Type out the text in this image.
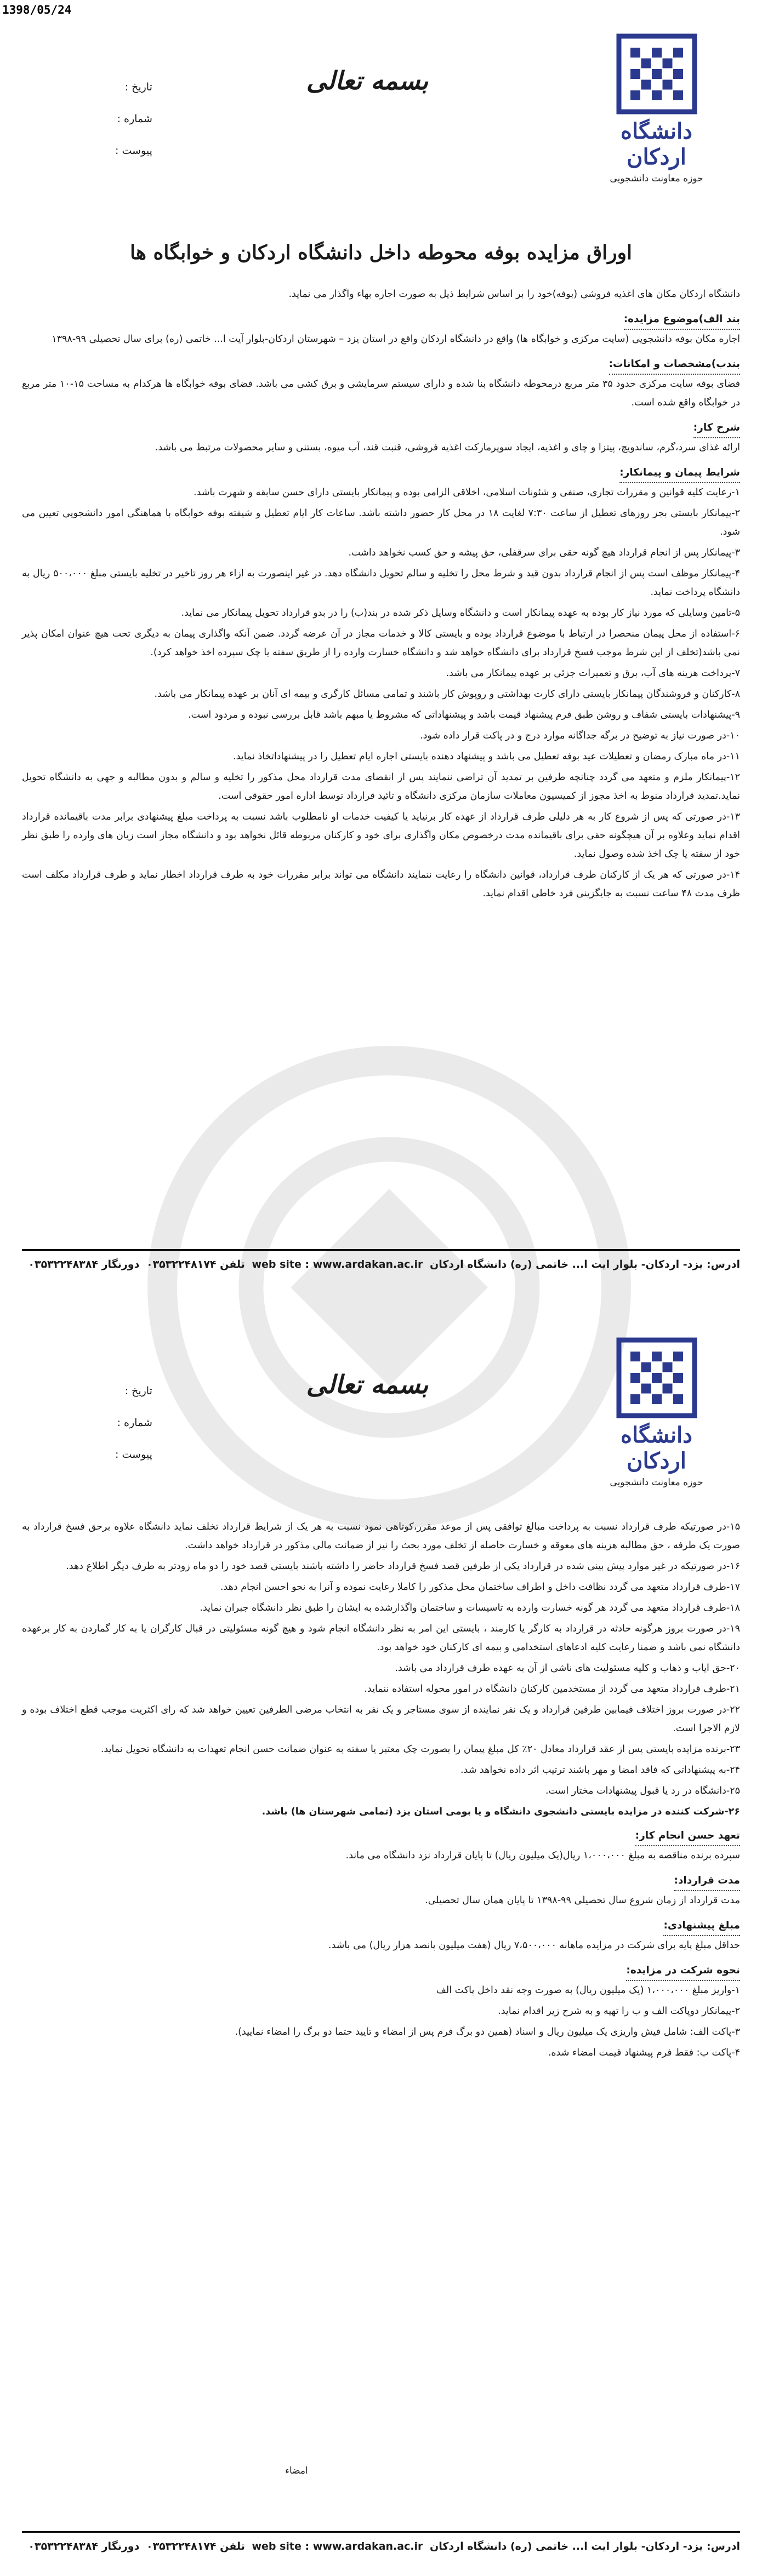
1398/05/24
دانشگاه اردکان
حوزه معاونت دانشجویی
بسمه تعالی
تاریخ :
شماره :
پیوست :
اوراق مزایده بوفه محوطه داخل دانشگاه اردکان و خوابگاه ها

دانشگاه اردکان مکان های اغذیه فروشی (بوفه)خود را بر اساس شرایط ذیل به صورت اجاره بهاء واگذار می نماید.

بند الف)موضوع مزایده:

اجاره مکان بوفه دانشجویی (سایت مرکزی و خوابگاه ها) واقع در دانشگاه اردکان واقع در استان یزد – شهرستان اردکان-بلوار آیت ا... خاتمی (ره) برای سال تحصیلی ۹۹-۱۳۹۸

بندب)مشخصات و امکانات:

فضای بوفه سایت مرکزی حدود ۳۵ متر مربع درمحوطه دانشگاه بنا شده و دارای سیستم سرمایشی و برق کشی می باشد. فضای بوفه خوابگاه ها هرکدام به مساحت ۱۵-۱۰ متر مربع در خوابگاه واقع شده است.

شرح کار:

ارائه غذای سرد،گرم، ساندویچ، پیتزا و چای و اغذیه، ایجاد سوپرمارکت اغذیه فروشی، قنبت قند، آب میوه، بستنی و سایر محصولات مرتبط می باشد.

شرایط پیمان و پیمانکار:

۱-رعایت کلیه قوانین و مقررات تجاری، صنفی و شئونات اسلامی، اخلاقی الزامی بوده و پیمانکار بایستی دارای حسن سابقه و شهرت باشد.

۲-پیمانکار بایستی بجز روزهای تعطیل از ساعت ۷:۳۰ لغایت ۱۸ در محل کار حضور داشته باشد. ساعات کار ایام تعطیل و شیفته بوفه خوابگاه با هماهنگی امور دانشجویی تعیین می شود.

۳-پیمانکار پس از انجام قرارداد هیچ گونه حقی برای سرقفلی، حق پیشه و حق کسب نخواهد داشت.

۴-پیمانکار موظف است پس از انجام قرارداد بدون قید و شرط محل را تخلیه و سالم تحویل دانشگاه دهد. در غیر اینصورت به ازاء هر روز تاخیر در تخلیه بایستی مبلغ ۵۰۰،۰۰۰ ریال به دانشگاه پرداخت نماید.

۵-تامین وسایلی که مورد نیاز کار بوده به عهده پیمانکار است و دانشگاه وسایل ذکر شده در بند(ب) را در بدو قرارداد تحویل پیمانکار می نماید.

۶-استفاده از محل پیمان منحصرا در ارتباط با موضوع قرارداد بوده و بایستی کالا و خدمات مجاز در آن عرضه گردد. ضمن آنکه واگذاری پیمان به دیگری تحت هیچ عنوان امکان پذیر نمی باشد(تخلف از این شرط موجب فسخ قرارداد برای دانشگاه خواهد شد و دانشگاه خسارت وارده را از طریق سفته یا چک سپرده اخذ خواهد کرد).

۷-پرداخت هزینه های آب، برق و تعمیرات جزئی بر عهده پیمانکار می باشد.

۸-کارکنان و فروشندگان پیمانکار بایستی دارای کارت بهداشتی و روپوش کار باشند و تمامی مسائل کارگری و بیمه ای آنان بر عهده پیمانکار می باشد.

۹-پیشنهادات بایستی شفاف و روشن طبق فرم پیشنهاد قیمت باشد و پیشنهاداتی که مشروط یا مبهم باشد قابل بررسی نبوده و مردود است.

۱۰-در صورت نیاز به توضیح در برگه جداگانه موارد درج و در پاکت قرار داده شود.

۱۱-در ماه مبارک رمضان و تعطیلات عید بوفه تعطیل می باشد و پیشنهاد دهنده بایستی اجاره ایام تعطیل را در پیشنهاداتخاذ نماید.

۱۲-پیمانکار ملزم و متعهد می گردد چنانچه طرفین بر تمدید آن تراضی ننمایند پس از انقضای مدت قرارداد محل مذکور را تخلیه و سالم و بدون مطالبه و جهی به دانشگاه تحویل نماید.تمدید قرارداد منوط به اخذ مجوز از کمیسیون معاملات سازمان مرکزی دانشگاه و تائید قرارداد توسط اداره امور حقوقی است.

۱۳-در صورتی که پس از شروع کار به هر دلیلی طرف قرارداد از عهده کار برنیاید یا کیفیت خدمات او نامطلوب باشد نسبت به پرداخت مبلغ پیشنهادی برابر مدت باقیمانده قرارداد اقدام نماید وعلاوه بر آن هیچگونه حقی برای باقیمانده مدت درخصوص مکان واگذاری برای خود و کارکنان مربوطه قائل نخواهد بود و دانشگاه مجاز است زیان های وارده را طبق نظر خود از سفته یا چک اخذ شده وصول نماید.

۱۴-در صورتی که هر یک از کارکنان طرف قرارداد، قوانین دانشگاه را رعایت ننمایند دانشگاه می تواند برابر مقررات خود به طرف قرارداد اخطار نماید و طرف قرارداد مکلف است ظرف مدت ۴۸ ساعت نسبت به جایگزینی فرد خاطی اقدام نماید.

ادرس: یزد- اردکان- بلوار ایت ا... خاتمی (ره) دانشگاه اردکان web site : www.ardakan.ac.ir تلفن ۰۳۵۳۲۲۴۸۱۷۴ دورنگار ۰۳۵۳۲۲۴۸۳۸۴
دانشگاه اردکان
حوزه معاونت دانشجویی
بسمه تعالی
تاریخ :
شماره :
پیوست :

۱۵-در صورتیکه طرف قرارداد نسبت به پرداخت مبالغ توافقی پس از موعد مقرر،کوتاهی نمود نسبت به هر یک از شرایط قرارداد تخلف نماید دانشگاه علاوه برحق فسخ قرارداد به صورت یک طرفه ، حق مطالبه هزینه های معوقه و خسارت حاصله از تخلف مورد بحث را نیز از ضمانت مالی مذکور در قرارداد خواهد داشت.

۱۶-در صورتیکه در غیر موارد پیش بینی شده در قرارداد یکی از طرفین قصد فسخ قرارداد حاضر را داشته باشند بایستی قصد خود را دو ماه زودتر به طرف دیگر اطلاع دهد.

۱۷-طرف قرارداد متعهد می گردد نظافت داخل و اطراف ساختمان محل مذکور را کاملا رعایت نموده و آنرا به نحو احسن انجام دهد.

۱۸-طرف قرارداد متعهد می گردد هر گونه خسارت وارده به تاسیسات و ساختمان واگذارشده به ایشان را طبق نظر دانشگاه جبران نماید.

۱۹-در صورت بروز هرگونه حادثه در قرارداد به کارگر یا کارمند ، بایستی این امر به نظر دانشگاه انجام شود و هیچ گونه مسئولیتی در قبال کارگران یا به کار گماردن به کار برعهده دانشگاه نمی باشد و ضمنا رعایت کلیه ادعاهای استخدامی و بیمه ای کارکنان خود خواهد بود.

۲۰-حق ایاب و ذهاب و کلیه مسئولیت های ناشی از آن به عهده طرف قرارداد می باشد.

۲۱-طرف قرارداد متعهد می گردد از مستخدمین کارکنان دانشگاه در امور محوله استفاده ننماید.

۲۲-در صورت بروز اختلاف فیمابین طرفین قرارداد و یک نفر نماینده از سوی مستاجر و یک نفر به انتخاب مرضی الطرفین تعیین خواهد شد که رای اکثریت موجب قطع اختلاف بوده و لازم الاجرا است.

۲۳-برنده مزایده بایستی پس از عقد قرارداد معادل ۲۰٪ کل مبلغ پیمان را بصورت چک معتبر یا سفته به عنوان ضمانت حسن انجام تعهدات به دانشگاه تحویل نماید.

۲۴-به پیشنهاداتی که فاقد امضا و مهر باشند ترتیب اثر داده نخواهد شد.

۲۵-دانشگاه در رد یا قبول پیشنهادات مختار است.

۲۶-شرکت کننده در مزایده بایستی دانشجوی دانشگاه و یا بومی استان یزد (تمامی شهرستان ها) باشد.

تعهد حسن انجام کار:

سپرده برنده مناقصه به مبلغ ۱،۰۰۰،۰۰۰ ریال(یک میلیون ریال) تا پایان قرارداد نزد دانشگاه می ماند.

مدت قرارداد:

مدت قرارداد از زمان شروع سال تحصیلی ۹۹-۱۳۹۸ تا پایان همان سال تحصیلی.

مبلغ پیشنهادی:

حداقل مبلغ پایه برای شرکت در مزایده ماهانه ۷،۵۰۰،۰۰۰ ریال (هفت میلیون پانصد هزار ریال) می باشد.

نحوه شرکت در مزایده:

۱-واریز مبلغ ۱،۰۰۰،۰۰۰ (یک میلیون ریال) به صورت وجه نقد داخل پاکت الف

۲-پیمانکار دوپاکت الف و ب را تهیه و به شرح زیر اقدام نماید.

۳-پاکت الف: شامل فیش واریزی یک میلیون ریال و اسناد (همین دو برگ فرم پس از امضاء و تایید حتما دو برگ را امضاء نمایید).

۴-پاکت ب: فقط فرم پیشنهاد قیمت امضاء شده.

امضاء
ادرس: یزد- اردکان- بلوار ایت ا... خاتمی (ره) دانشگاه اردکان web site : www.ardakan.ac.ir تلفن ۰۳۵۳۲۲۴۸۱۷۴ دورنگار ۰۳۵۳۲۲۴۸۳۸۴
